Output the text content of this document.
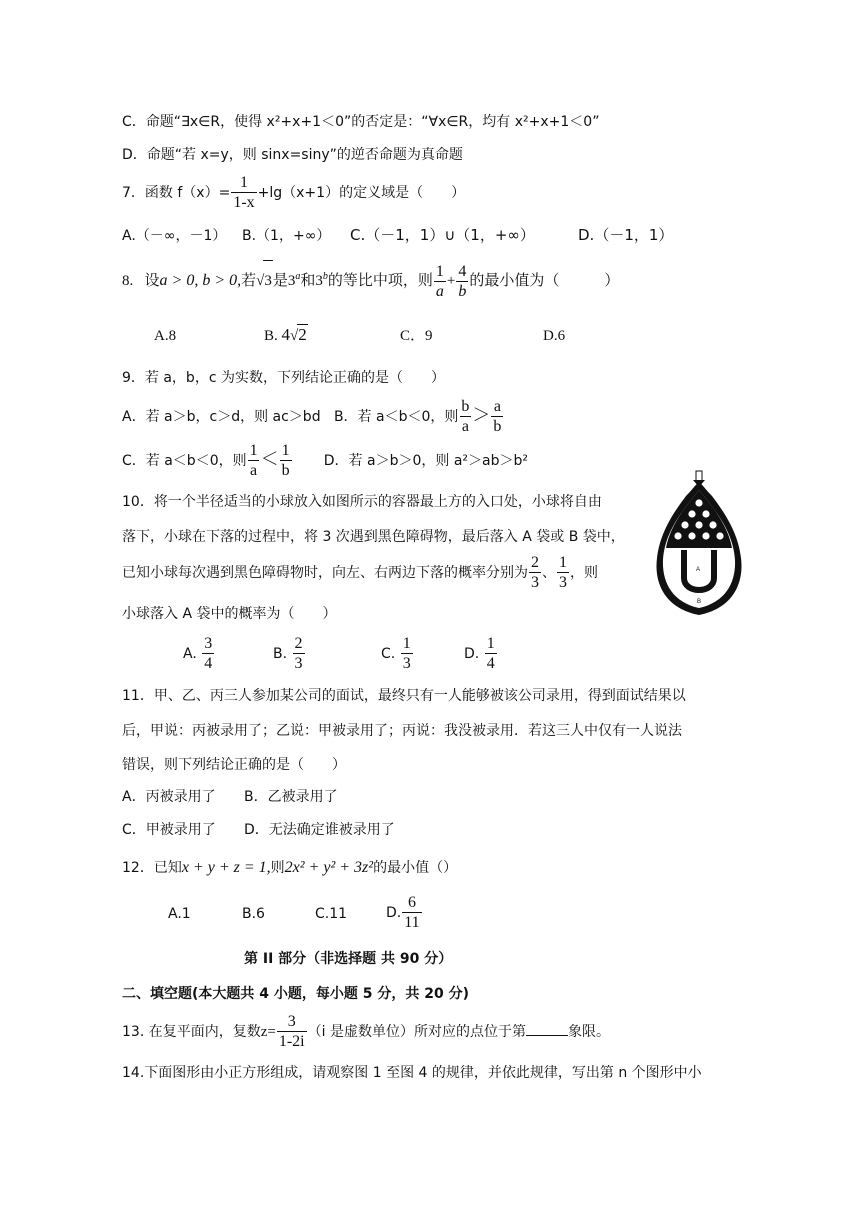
C．命题“∃x∈R，使得 x²+x+1＜0”的否定是：“∀x∈R，均有 x²+x+1＜0”
D．命题“若 x=y，则 sinx=siny”的逆否命题为真命题
7．函数 $f(x)= \frac{1}{1-x} +\lg(x+1)$的定义域是（　　）
A.（－∞，－1） B.（1，+∞） C.（－1，1）∪（1，+∞）	D.（－1，1）
8. 设a > 0, b > 0,若√3是3$^a$和3$^b$的等比中项，则 $\frac{1}{a} + \frac{4}{b}$ 的最小值为（　　　）
A.8	B. 4√2	C．9	D.6
9．若 a，b，c 为实数，下列结论正确的是（　　）
A．若 a＞b，c＞d，则 ac＞bd B．若 a＜b＜0，则 $\frac{b}{a} > \frac{a}{b}$
C．若 a＜b＜0，则 $\frac{1}{a} < \frac{1}{b}$ D．若 a＞b＞0，则 a²＞ab＞b²
10．将一个半径适当的小球放入如图所示的容器最上方的入口处，小球将自由
落下，小球在下落的过程中，将 3 次遇到黑色障碍物，最后落入 A 袋或 B 袋中，
已知小球每次遇到黑色障碍物时，向左、右两边下落的概率分别为 $\frac{2}{3}$ 、 $\frac{1}{3}$ ，则
小球落入 A 袋中的概率为（　　）
A. $\frac{3}{4}$	B. $\frac{2}{3}$	C. $\frac{1}{3}$	D. $\frac{1}{4}$
A
B
11．甲、乙、丙三人参加某公司的面试，最终只有一人能够被该公司录用，得到面试结果以
后，甲说：丙被录用了；乙说：甲被录用了；丙说：我没被录用．若这三人中仅有一人说法
错误，则下列结论正确的是（　　）
A．丙被录用了 B．乙被录用了
C．甲被录用了 D．无法确定谁被录用了
12．已知x + y + z = 1,则2x² + y² + 3z²的最小值（）
A.1	B.6	C.11	D. $\frac{6}{11}$
第 II 部分（非选择题 共 90 分）
二、填空题(本大题共 4 小题，每小题 5 分，共 20 分)
13. 在复平面内，复数$z= \frac{3}{1-2i} (i$ 是虚数单位）所对应的点位于第	象限。
14.下面图形由小正方形组成，请观察图 1 至图 4 的规律，并依此规律，写出第 n 个图形中小
